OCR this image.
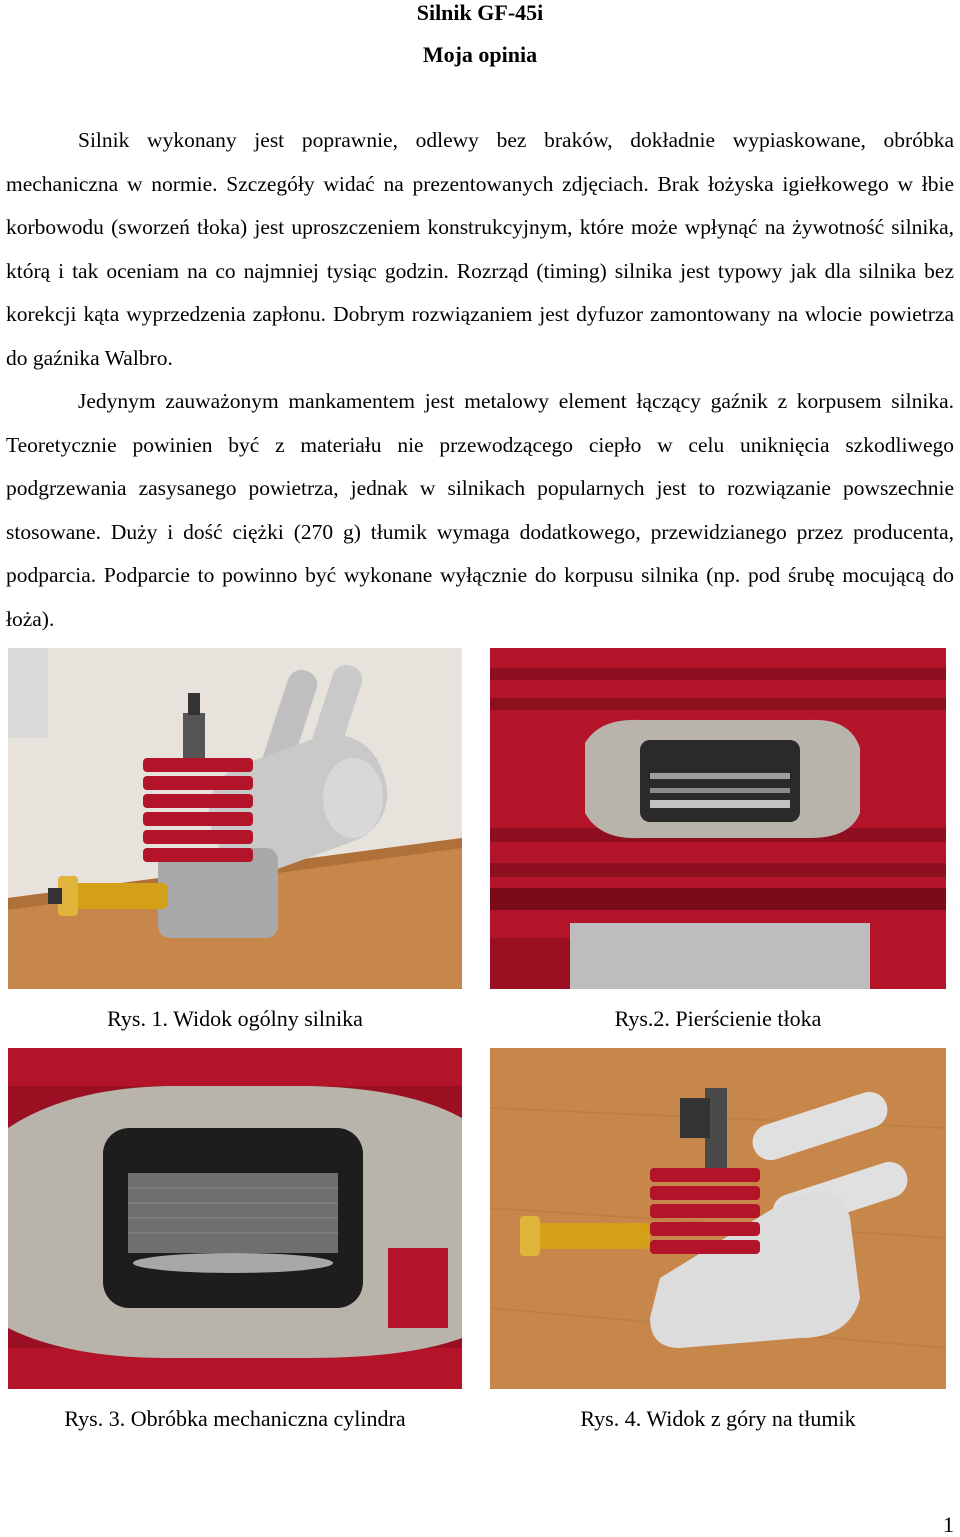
Silnik GF-45i
Moja opinia

Silnik wykonany jest poprawnie, odlewy bez braków, dokładnie wypiaskowane, obróbka mechaniczna w normie. Szczegóły widać na prezentowanych zdjęciach. Brak łożyska igiełkowego w łbie korbowodu (sworzeń tłoka) jest uproszczeniem konstrukcyjnym, które może wpłynąć na żywotność silnika, którą i tak oceniam na co najmniej tysiąc godzin. Rozrząd (timing) silnika jest typowy jak dla silnika bez korekcji kąta wyprzedzenia zapłonu. Dobrym rozwiązaniem jest dyfuzor zamontowany na wlocie powietrza do gaźnika Walbro.

Jedynym zauważonym mankamentem jest metalowy element łączący gaźnik z korpusem silnika. Teoretycznie powinien być z materiału nie przewodzącego ciepło w celu uniknięcia szkodliwego podgrzewania zasysanego powietrza, jednak w silnikach popularnych jest to rozwiązanie powszechnie stosowane. Duży i dość ciężki (270 g) tłumik wymaga dodatkowego, przewidzianego przez producenta, podparcia. Podparcie to powinno być wykonane wyłącznie do korpusu silnika (np. pod śrubę mocującą do łoża).

Rys. 1. Widok ogólny silnika	Rys.2. Pierścienie tłoka

Rys. 3. Obróbka mechaniczna cylindra	Rys. 4. Widok z góry na tłumik

1
